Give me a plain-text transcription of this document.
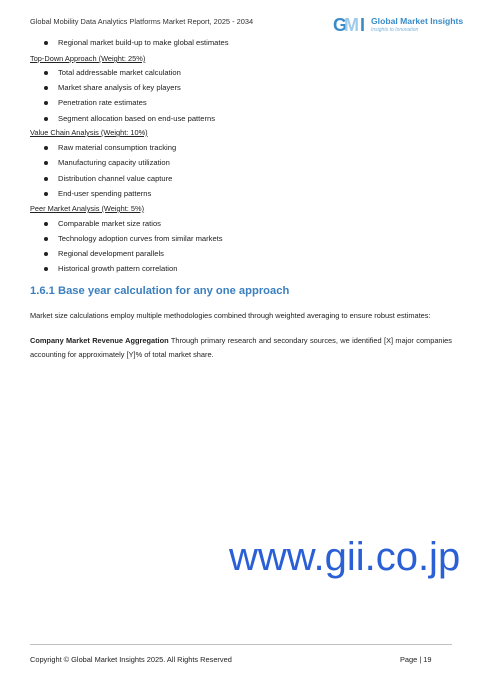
Global Mobility Data Analytics Platforms Market Report, 2025 - 2034	G
M I Global Market Insights
Insights to Innovation
Regional market build-up to make global estimates
Top-Down Approach (Weight: 25%)
Total addressable market calculation
Market share analysis of key players
Penetration rate estimates
Segment allocation based on end-use patterns
Value Chain Analysis (Weight: 10%)
Raw material consumption tracking
Manufacturing capacity utilization
Distribution channel value capture
End-user spending patterns
Peer Market Analysis (Weight: 5%)
Comparable market size ratios
Technology adoption curves from similar markets
Regional development parallels
Historical growth pattern correlation
1.6.1 Base year calculation for any one approach
Market size calculations employ multiple methodologies combined through weighted averaging to ensure robust estimates:
Company Market Revenue Aggregation Through primary research and secondary sources, we identified [X] major companies accounting for approximately [Y]% of total market share.
www.gii.co.jp
Copyright © Global Market Insights 2025. All Rights Reserved	Page | 19
